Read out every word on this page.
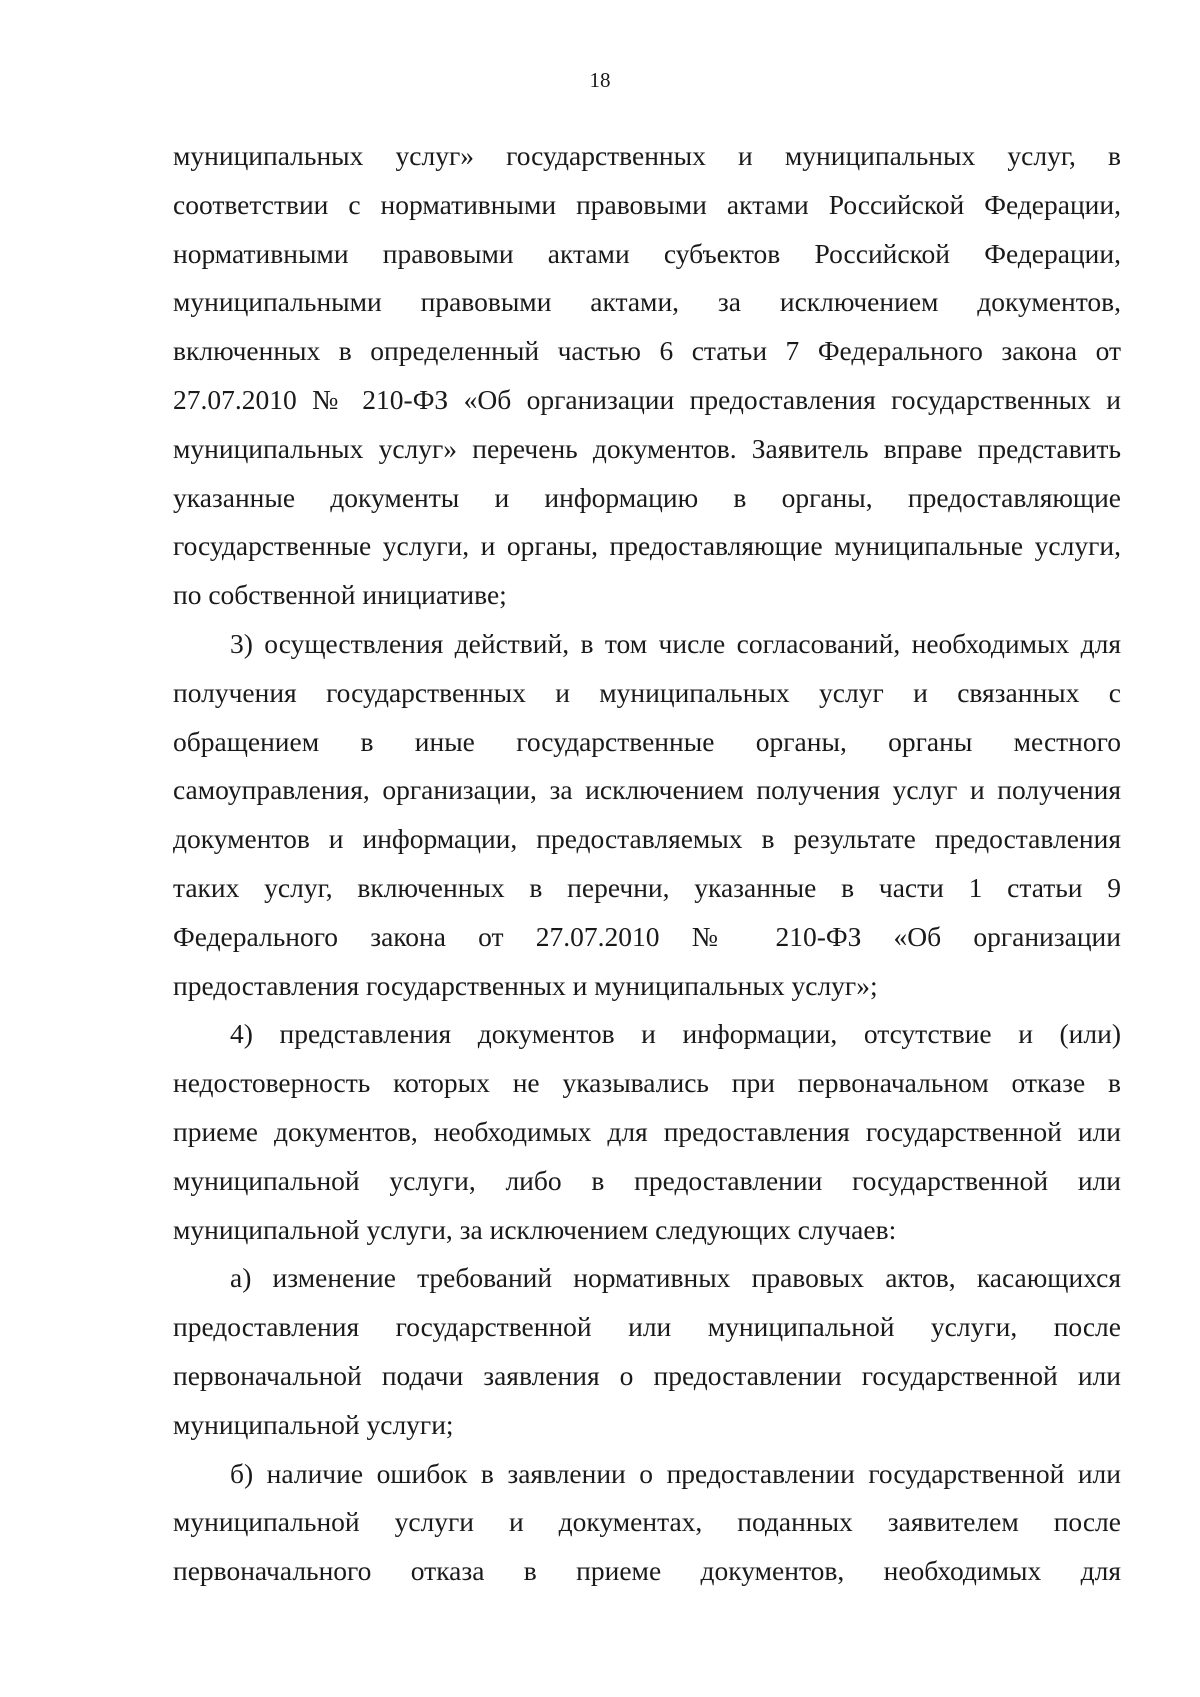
18
муниципальных услуг» государственных и муниципальных услуг, в
соответствии с нормативными правовыми актами Российской Федерации,
нормативными правовыми актами субъектов Российской Федерации,
муниципальными правовыми актами, за исключением документов,
включенных в определенный частью 6 статьи 7 Федерального закона от
27.07.2010 № 210-ФЗ «Об организации предоставления государственных и
муниципальных услуг» перечень документов. Заявитель вправе представить
указанные документы и информацию в органы, предоставляющие
государственные услуги, и органы, предоставляющие муниципальные услуги,
по собственной инициативе;
3) осуществления действий, в том числе согласований, необходимых для
получения государственных и муниципальных услуг и связанных с
обращением в иные государственные органы, органы местного
самоуправления, организации, за исключением получения услуг и получения
документов и информации, предоставляемых в результате предоставления
таких услуг, включенных в перечни, указанные в части 1 статьи 9
Федерального закона от 27.07.2010 № 210-ФЗ «Об организации
предоставления государственных и муниципальных услуг»;
4) представления документов и информации, отсутствие и (или)
недостоверность которых не указывались при первоначальном отказе в
приеме документов, необходимых для предоставления государственной или
муниципальной услуги, либо в предоставлении государственной или
муниципальной услуги, за исключением следующих случаев:
а) изменение требований нормативных правовых актов, касающихся
предоставления государственной или муниципальной услуги, после
первоначальной подачи заявления о предоставлении государственной или
муниципальной услуги;
б) наличие ошибок в заявлении о предоставлении государственной или
муниципальной услуги и документах, поданных заявителем после
первоначального отказа в приеме документов, необходимых для
